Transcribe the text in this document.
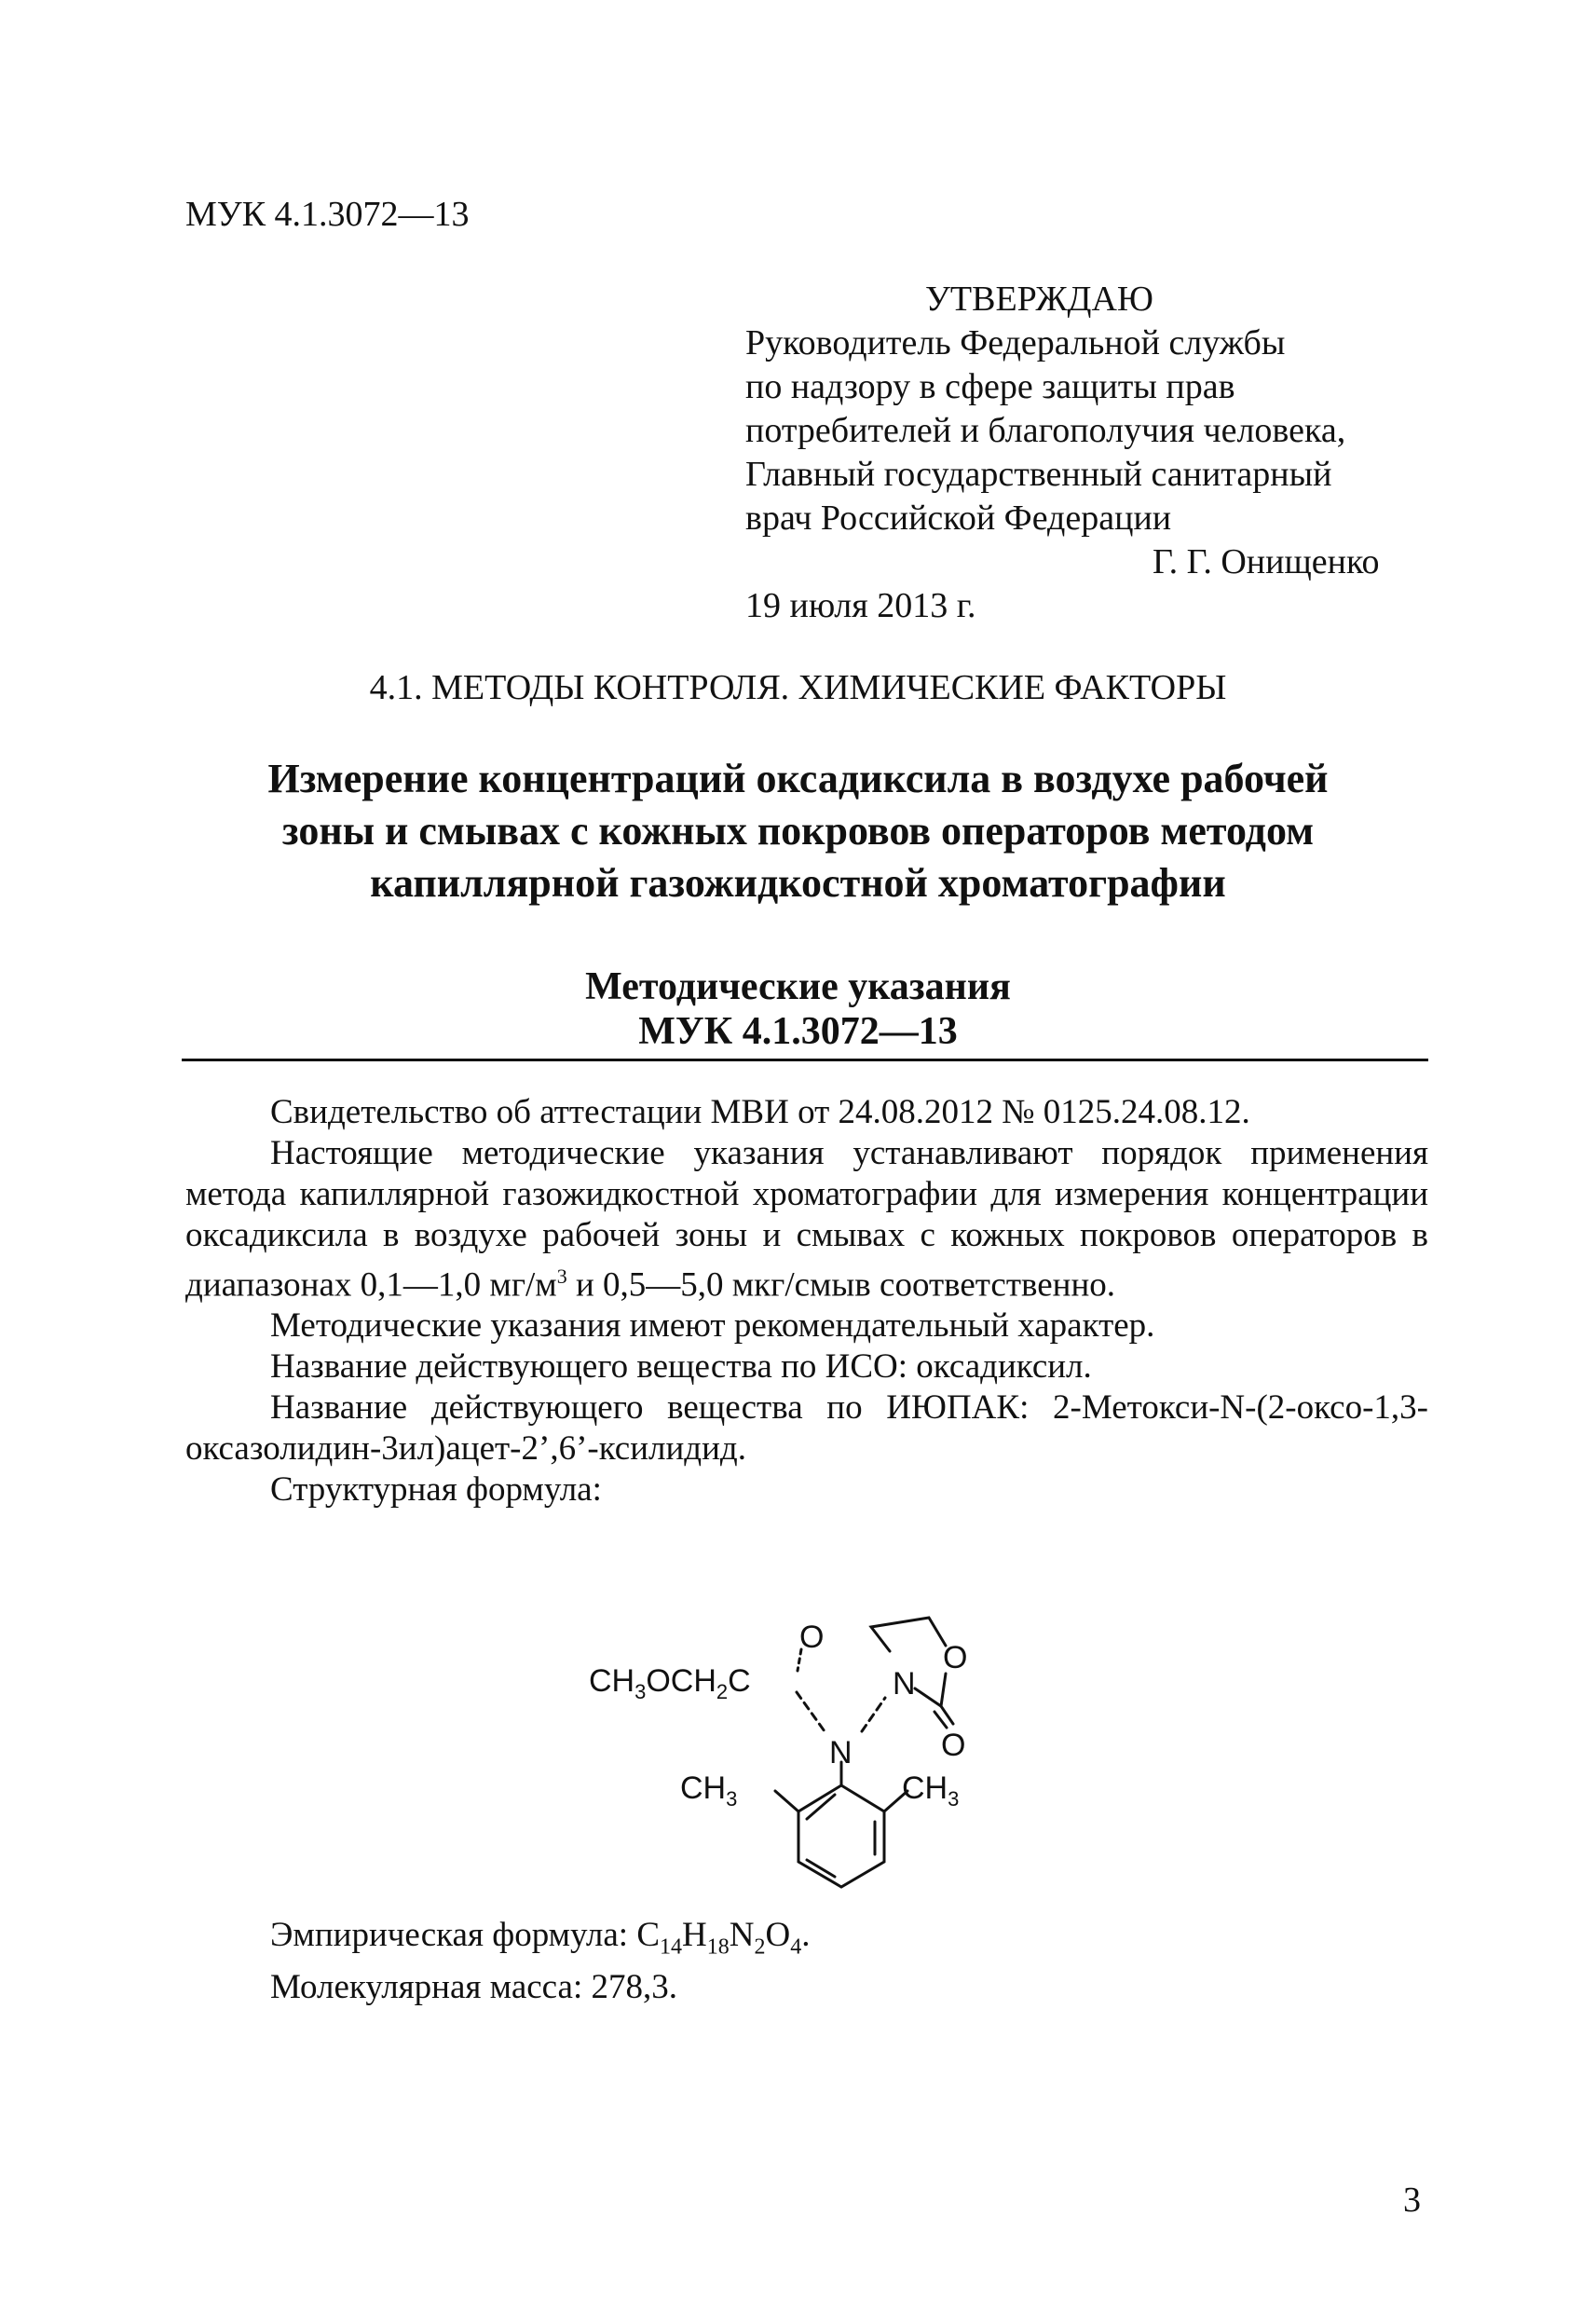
МУК 4.1.3072—13
УТВЕРЖДАЮ
Руководитель Федеральной службы
по надзору в сфере защиты прав
потребителей и благополучия человека,
Главный государственный санитарный
врач Российской Федерации
Г. Г. Онищенко
19 июля 2013 г.
4.1. МЕТОДЫ КОНТРОЛЯ. ХИМИЧЕСКИЕ ФАКТОРЫ
Измерение концентраций оксадиксила в воздухе рабочей
зоны и смывах с кожных покровов операторов методом
капиллярной газожидкостной хроматографии
Методические указания
МУК 4.1.3072—13

Свидетельство об аттестации МВИ от 24.08.2012 № 0125.24.08.12.

Настоящие методические указания устанавливают порядок применения метода капиллярной газожидкостной хроматографии для измерения концентрации оксадиксила в воздухе рабочей зоны и смывах с кожных покровов операторов в диапазонах 0,1—1,0 $мг/м^3$ и 0,5—5,0 мкг/смыв соответственно.

Методические указания имеют рекомендательный характер.

Название действующего вещества по ИСО: оксадиксил.

Название действующего вещества по ИЮПАК: 2-Метокси-N-(2-оксо-1,3-оксазолидин-3ил)ацет-2’,6’-ксилидид.

Структурная формула:

O
$CH_3OCH_2C$	N
O
O
N
$CH_3$	$CH_3$
Эмпирическая формула: $C_{14}H_{18}N_2O_4$.
Молекулярная масса: 278,3.
3
